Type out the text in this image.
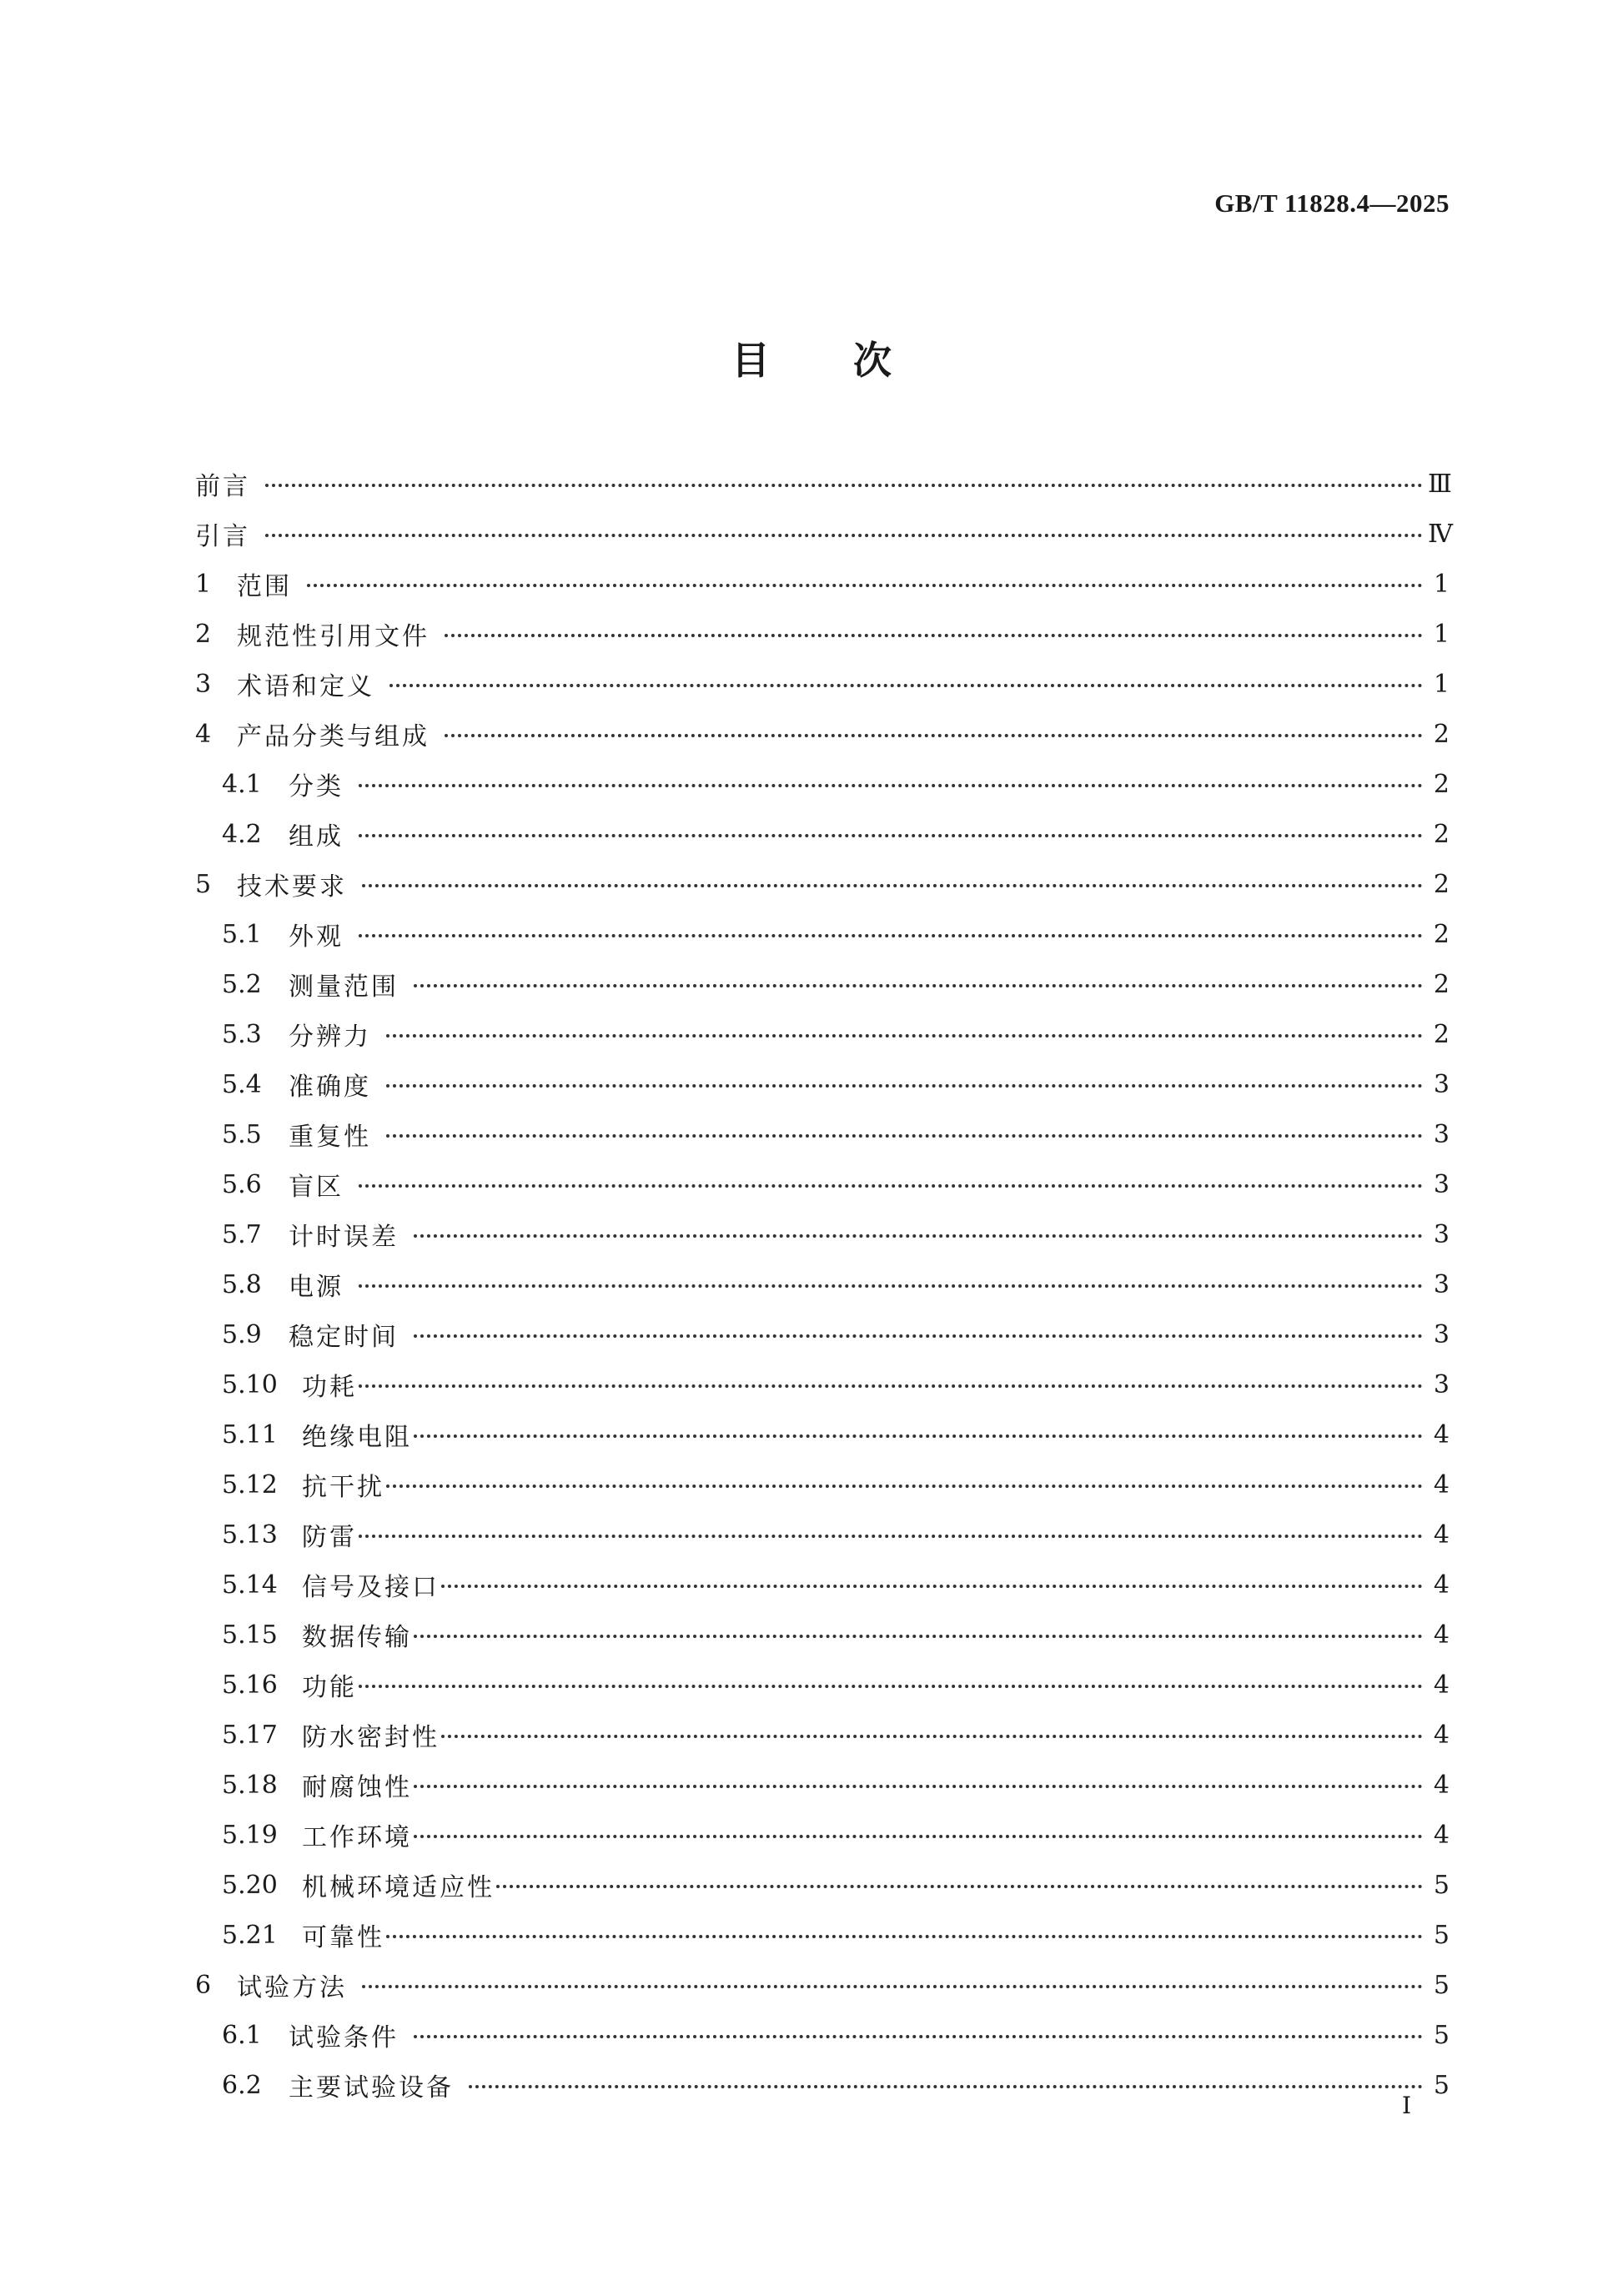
GB/T 11828.4—2025
目次
前言	Ⅲ
引言	Ⅳ
1	范围	1
2	规范性引用文件	1
3	术语和定义	1
4	产品分类与组成	2
4.1	分类	2
4.2	组成	2
5	技术要求	2
5.1	外观	2
5.2	测量范围	2
5.3	分辨力	2
5.4	准确度	3
5.5	重复性	3
5.6	盲区	3
5.7	计时误差	3
5.8	电源	3
5.9	稳定时间	3
5.10 功耗	3
5.11 绝缘电阻	4
5.12 抗干扰	4
5.13 防雷	4
5.14 信号及接口	4
5.15 数据传输	4
5.16 功能	4
5.17 防水密封性	4
5.18 耐腐蚀性	4
5.19 工作环境	4
5.20 机械环境适应性	5
5.21 可靠性	5
6	试验方法	5
6.1	试验条件	5
6.2	主要试验设备	5
Ⅰ
